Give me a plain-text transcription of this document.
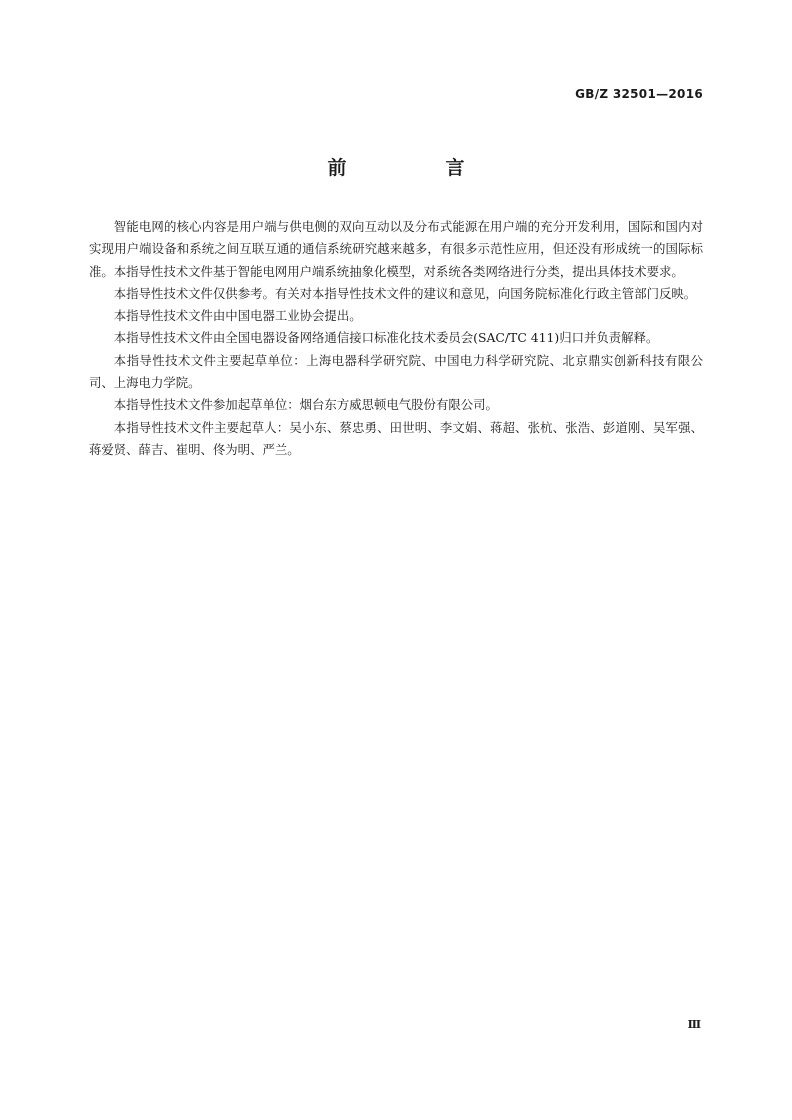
GB/Z 32501—2016
前　言

智能电网的核心内容是用户端与供电侧的双向互动以及分布式能源在用户端的充分开发利用，国际和国内对实现用户端设备和系统之间互联互通的通信系统研究越来越多，有很多示范性应用，但还没有形成统一的国际标准。本指导性技术文件基于智能电网用户端系统抽象化模型，对系统各类网络进行分类，提出具体技术要求。

本指导性技术文件仅供参考。有关对本指导性技术文件的建议和意见，向国务院标准化行政主管部门反映。

本指导性技术文件由中国电器工业协会提出。

本指导性技术文件由全国电器设备网络通信接口标准化技术委员会(SAC/TC 411)归口并负责解释。

本指导性技术文件主要起草单位：上海电器科学研究院、中国电力科学研究院、北京鼎实创新科技有限公司、上海电力学院。

本指导性技术文件参加起草单位：烟台东方威思顿电气股份有限公司。

本指导性技术文件主要起草人：吴小东、蔡忠勇、田世明、李文娟、蒋超、张杭、张浩、彭道刚、吴军强、蒋爱贤、薛吉、崔明、佟为明、严兰。

Ⅲ
